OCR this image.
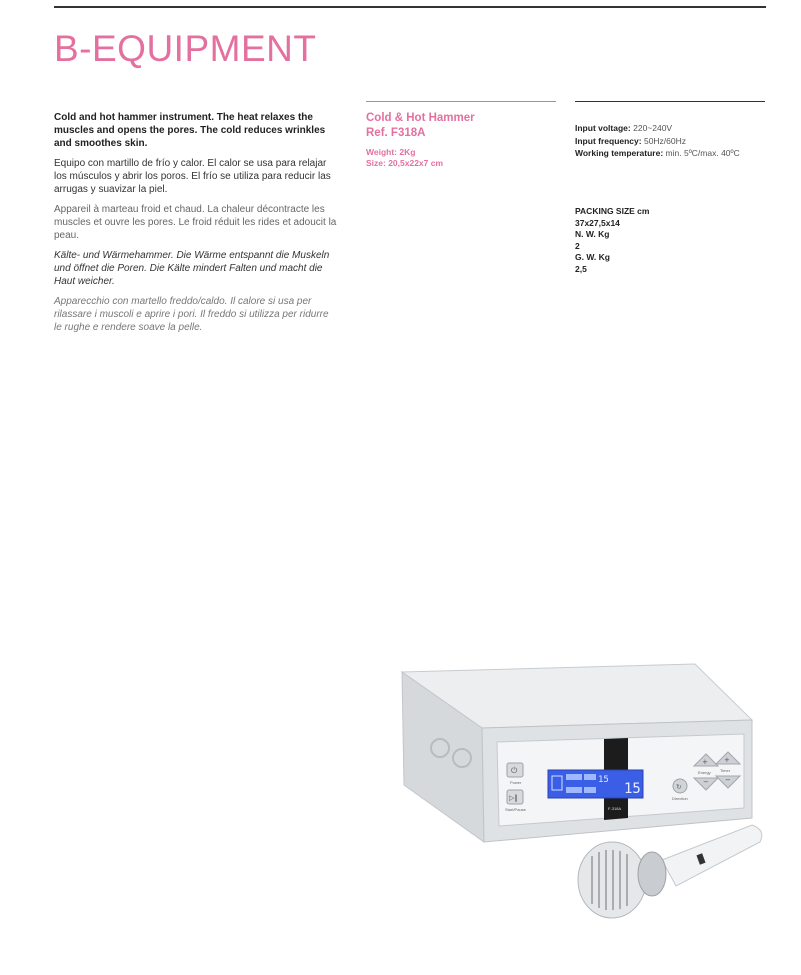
B-EQUIPMENT

Cold and hot hammer instrument. The heat relaxes the muscles and opens the pores. The cold reduces wrinkles and smoothes skin.

Equipo con martillo de frío y calor. El calor se usa para relajar los músculos y abrir los poros. El frío se utiliza para reducir las arrugas y suavizar la piel.

Appareil à marteau froid et chaud. La chaleur décontracte les muscles et ouvre les pores. Le froid réduit les rides et adoucit la peau.

Kälte- und Wärmehammer. Die Wärme entspannt die Muskeln und öffnet die Poren. Die Kälte mindert Falten und macht die Haut weicher.

Apparecchio con martello freddo/caldo. Il calore si usa per rilassare i muscoli e aprire i pori. Il freddo si utilizza per ridurre le rughe e rendere soave la pelle.

Cold & Hot Hammer
Ref. F318A
Weight: 2Kg
Size: 20,5x22x7 cm
Input voltage: 220~240V
Input frequency: 50Hz/60Hz
Working temperature: min. 5ºC/max. 40ºC
PACKING SIZE cm
37x27,5x14
N. W. Kg
2
G. W. Kg
2,5
F-318A
⏻
Power
▷‖
Start/Pause
15
15	↻
Direction
+
−
Energy
+
−
Timer
